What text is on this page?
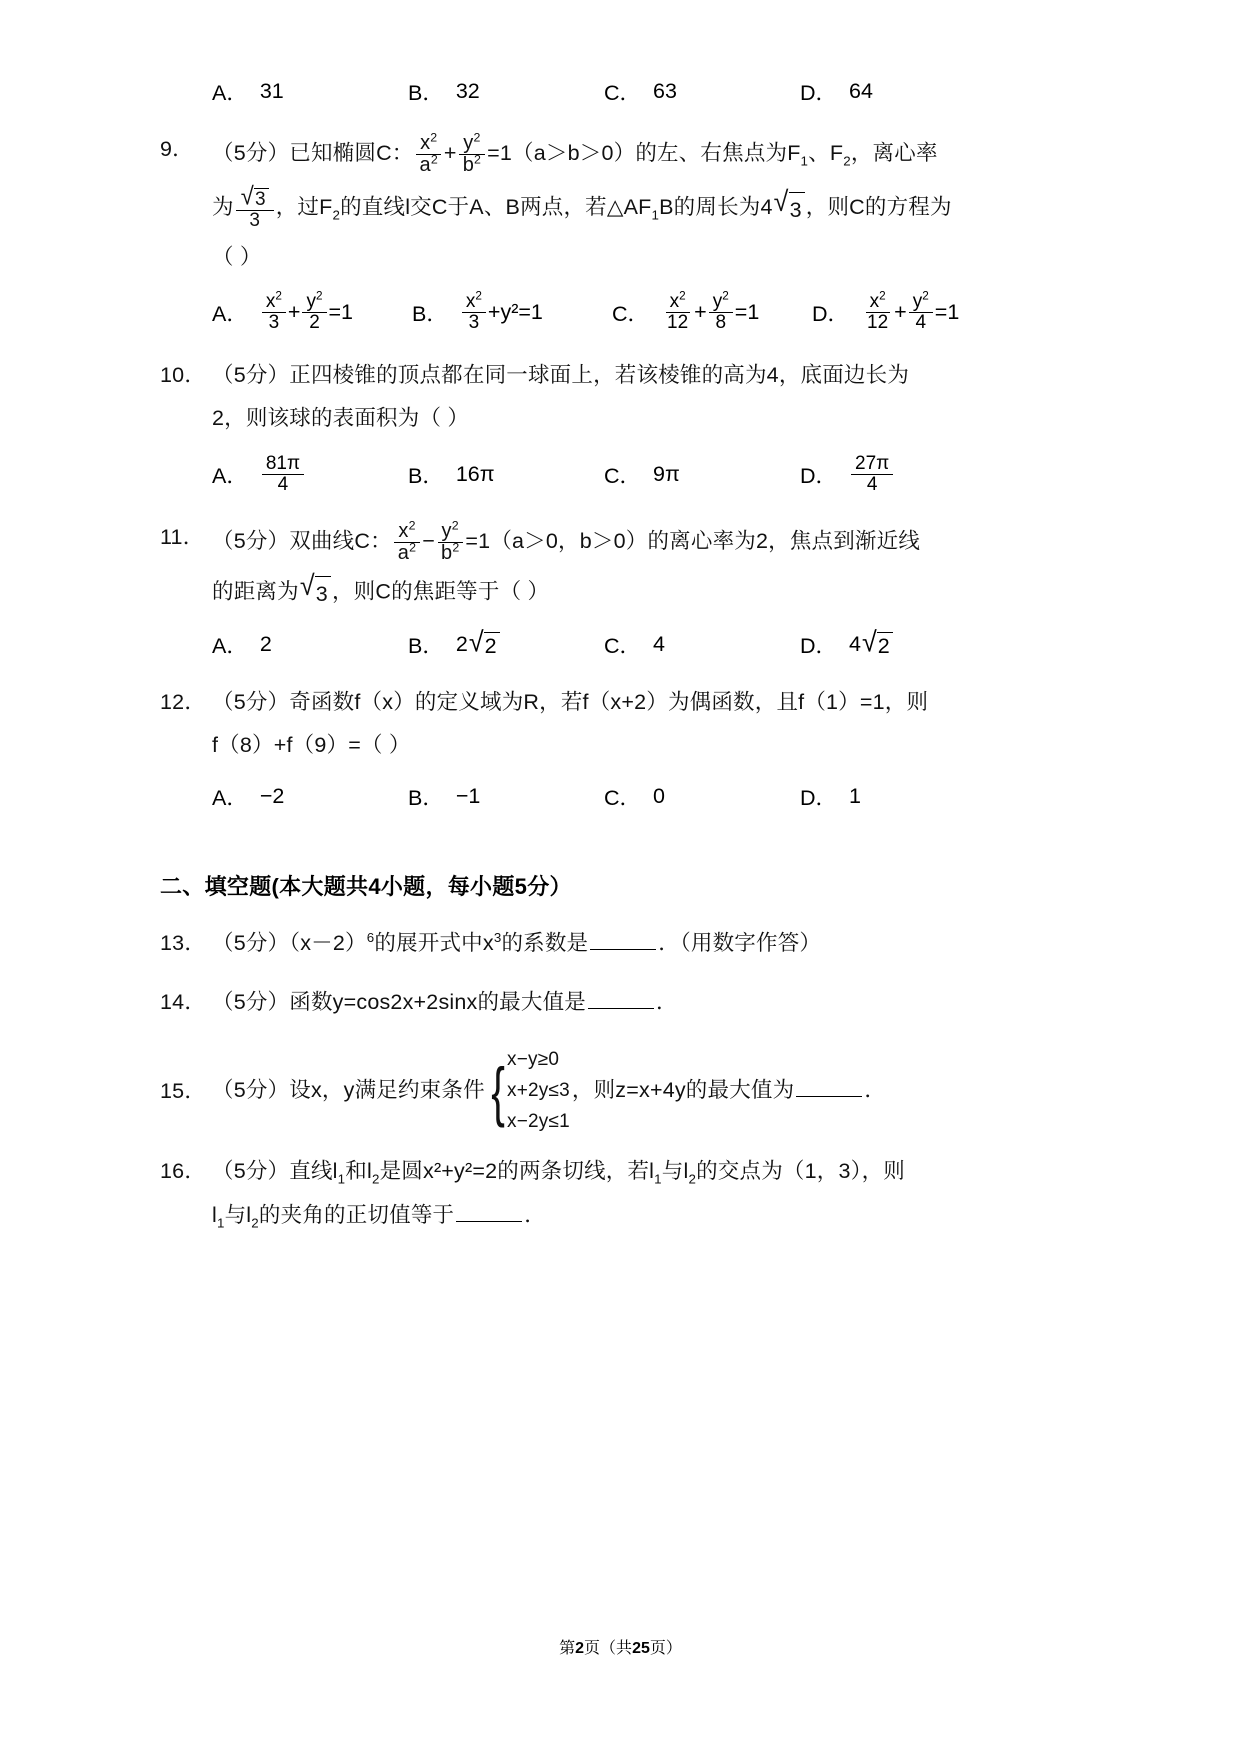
A． 31	B． 32	C． 63	D． 64
9． （5分）已知椭圆C： $\frac{x^2}{a^2} + \frac{y^2}{b^2} =1(a>b>0)$的左、右焦点为$F_1$、$F_2$，离心率
为 $\frac{√ 3}{3}$ ，过$F_2$的直线l交C于A、B两点，若$\triangle AF_1B$的周长为4 √ 3 ，则C的方程为
（ ）
A． $\frac{x^2}{3} + \frac{y^2}{2} =1$	B． $\frac{x^2}{3} + y^2 =1$	C． $\frac{x^2}{12} + \frac{y^2}{8} =1$ D． $\frac{x^2}{12} + \frac{y^2}{4} =1$
10． （5分）正四棱锥的顶点都在同一球面上，若该棱锥的高为4，底面边长为
2，则该球的表面积为（ ）
A． $\frac{81\pi}{4}$	B． 16π	C． 9π	D． $\frac{27\pi}{4}$
11． （5分）双曲线C： $\frac{x^2}{a^2} - \frac{y^2}{b^2} =1(a>0$，b＞0）的离心率为2，焦点到渐近线
的距离为 √ 3 ，则C的焦距等于（ ）
A． 2	B． 2 √ 2	C． 4	D． 4 √ 2
12． （5分）奇函数f（x）的定义域为R，若f（x+2）为偶函数，且f（1）=1，则
f（8）+f（9）=（ ）
A． −2	B． −1	C． 0	D． 1
二、填空题(本大题共4小题，每小题5分）
13． （5分）$(x-2)^6$的展开式中$x^3$的系数是	．（用数字作答）
14． （5分）函数y=cos2x+2sinx的最大值是	．
15． （5分）设x，y满足约束条件 { x−y≥0
x+2y≤3
x−2y≤1
，则z=x+4y的最大值为	．
16． （5分）直线$l_1$和$l_2$是圆x²+y²=2的两条切线，若$l_1$与$l_2$的交点为（1，3），则
$l_1$与$l_2$的夹角的正切值等于	．
第2页（共25页）
